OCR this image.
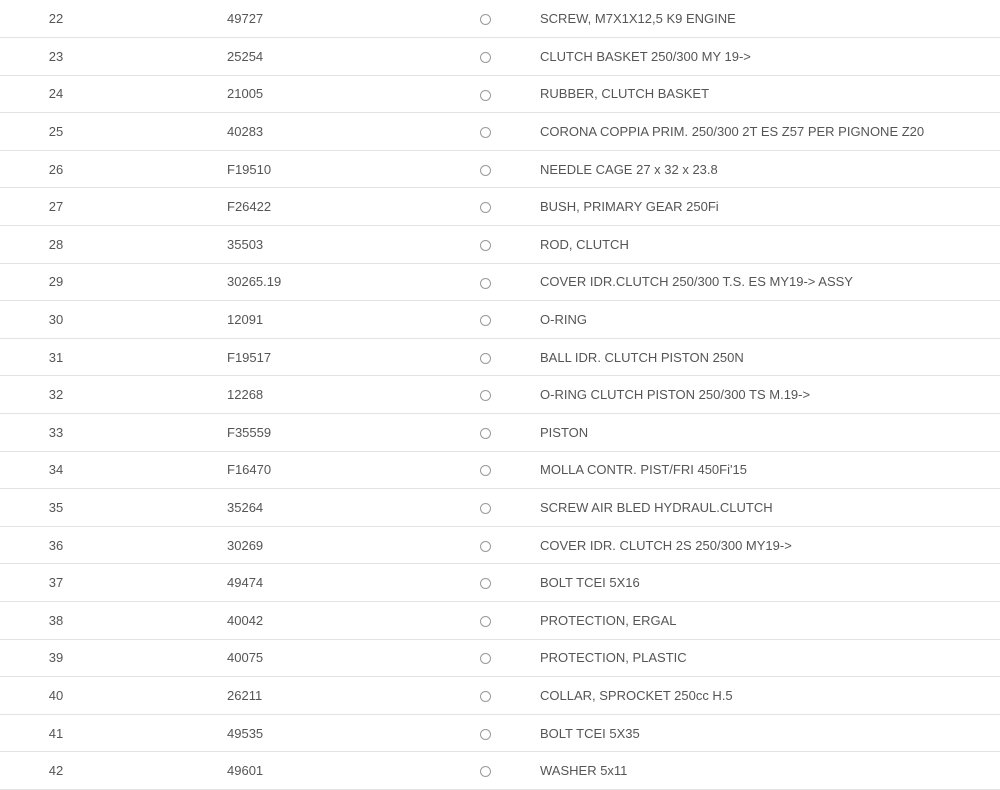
22	49727			SCREW, M7X1X12,5 K9 ENGINE
23	25254			CLUTCH BASKET 250/300 MY 19->
24	21005			RUBBER, CLUTCH BASKET
25	40283			CORONA COPPIA PRIM. 250/300 2T ES Z57 PER PIGNONE Z20
26	F19510			NEEDLE CAGE 27 x 32 x 23.8
27	F26422			BUSH, PRIMARY GEAR 250Fi
28	35503			ROD, CLUTCH
29	30265.19			COVER IDR.CLUTCH 250/300 T.S. ES MY19-> ASSY
30	12091			O-RING
31	F19517			BALL IDR. CLUTCH PISTON 250N
32	12268			O-RING CLUTCH PISTON 250/300 TS M.19->
33	F35559			PISTON
34	F16470			MOLLA CONTR. PIST/FRI 450Fi'15
35	35264			SCREW AIR BLED HYDRAUL.CLUTCH
36	30269			COVER IDR. CLUTCH 2S 250/300 MY19->
37	49474			BOLT TCEI 5X16
38	40042			PROTECTION, ERGAL
39	40075			PROTECTION, PLASTIC
40	26211			COLLAR, SPROCKET 250cc H.5
41	49535			BOLT TCEI 5X35
42	49601			WASHER 5x11
